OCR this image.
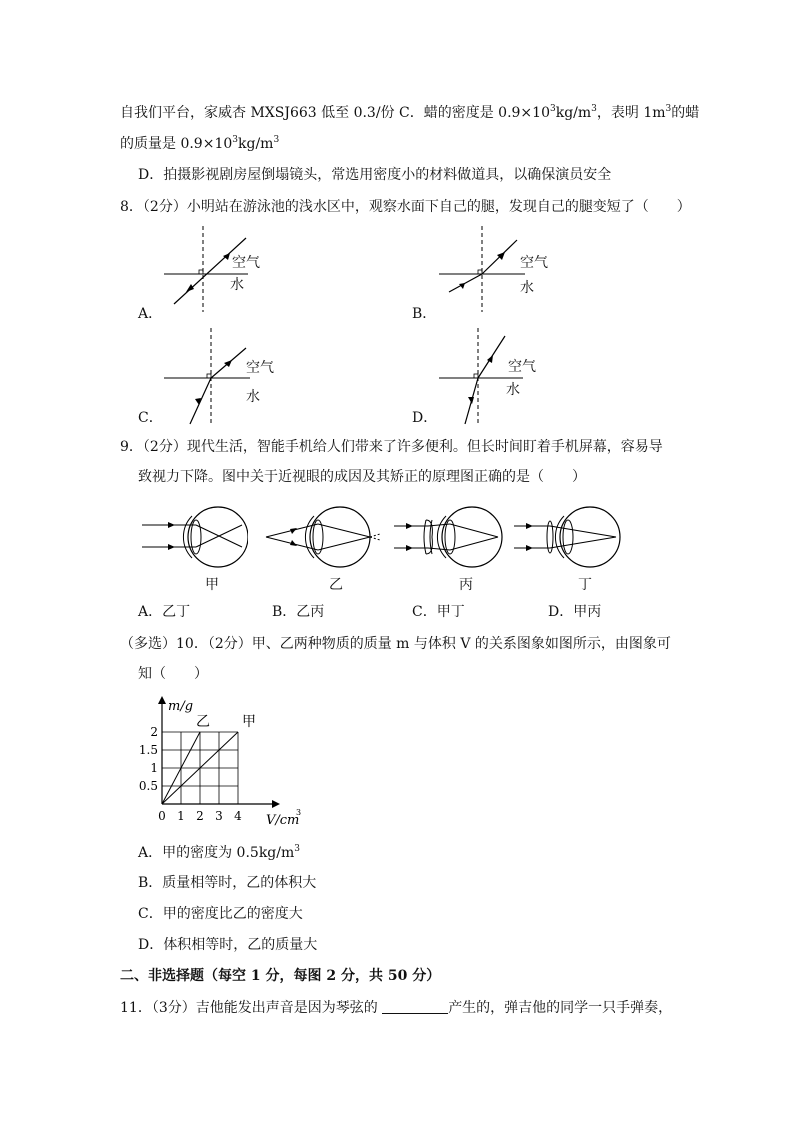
自我们平台，家威杏 MXSJ663 低至 0.3/份 C．蜡的密度是 $0.9\times 10^3kg/m^3$，表明 $1m^3$的蜡
的质量是 $0.9\times 10^3kg/m^3$
D．拍摄影视剧房屋倒塌镜头，常选用密度小的材料做道具，以确保演员安全
8．（2分）小明站在游泳池的浅水区中，观察水面下自己的腿，发现自己的腿变短了（　　）
空气
水
A．
空气
水
B．
空气
水
C．
空气
水
D．
9．（2分）现代生活，智能手机给人们带来了许多便利。但长时间盯着手机屏幕，容易导
致视力下降。图中关于近视眼的成因及其矫正的原理图正确的是（　　）
甲	乙	丙	丁
A．乙丁	B．乙丙	C．甲丁	D．甲丙
（多选）10．（2分）甲、乙两种物质的质量 m 与体积 V 的关系图象如图所示，由图象可
知（　　）
0 1 2 3 4
0.5
1
1.5
2
m/g
V/cm
3
乙 甲
A．甲的密度为 $0.5kg/m^3$
B．质量相等时，乙的体积大
C．甲的密度比乙的密度大
D．体积相等时，乙的质量大
二、非选择题（每空 1 分，每图 2 分，共 50 分）
11．（3分）吉他能发出声音是因为琴弦的	产生的，弹吉他的同学一只手弹奏，
